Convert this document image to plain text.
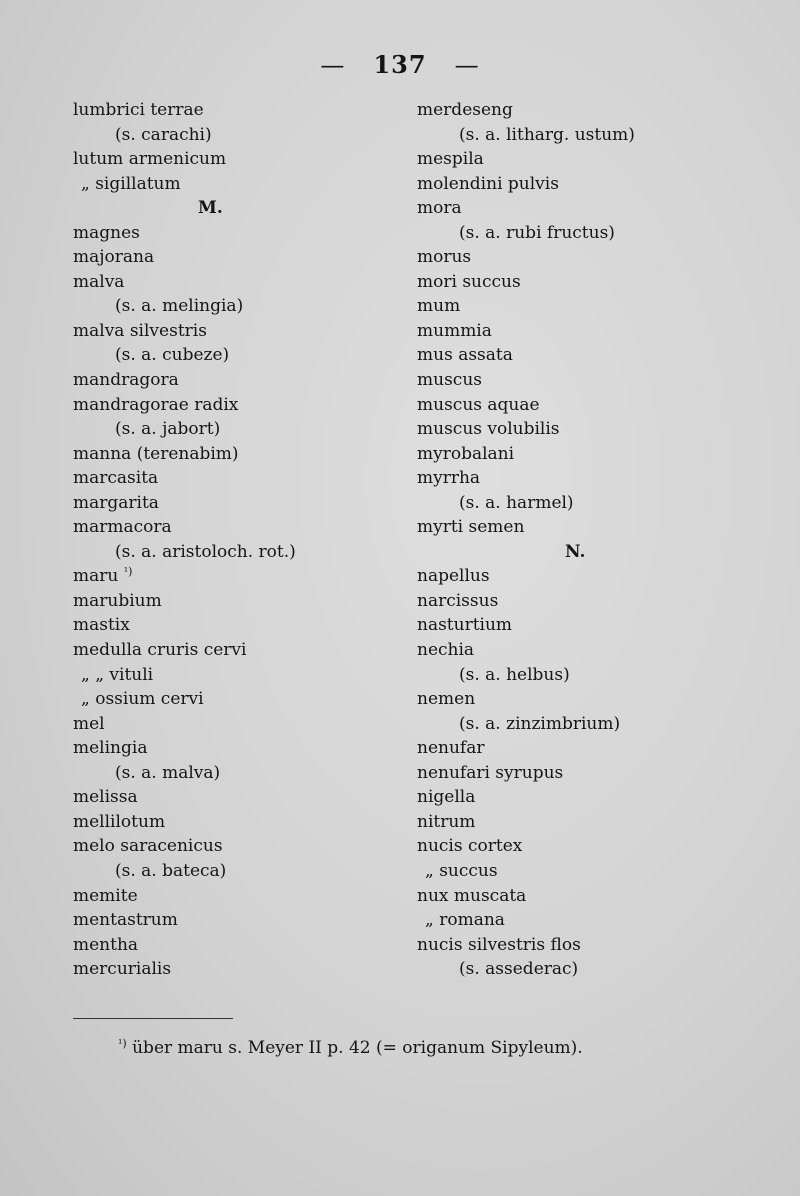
— 137 —
lumbrici terrae
(s. carachi)
lutum armenicum
„ sigillatum
M.
magnes
majorana
malva
(s. a. melingia)
malva silvestris
(s. a. cubeze)
mandragora
mandragorae radix
(s. a. jabort)
manna (terenabim)
marcasita
margarita
marmacora
(s. a. aristoloch. rot.)
maru $^{^1)}$
marubium
mastix
medulla cruris cervi
„ „ vituli
„ ossium cervi
mel
melingia
(s. a. malva)
melissa
mellilotum
melo saracenicus
(s. a. bateca)
memite
mentastrum
mentha
mercurialis
merdeseng
(s. a. litharg. ustum)
mespila
molendini pulvis
mora
(s. a. rubi fructus)
morus
mori succus
mum
mummia
mus assata
muscus
muscus aquae
muscus volubilis
myrobalani
myrrha
(s. a. harmel)
myrti semen
N.
napellus
narcissus
nasturtium
nechia
(s. a. helbus)
nemen
(s. a. zinzimbrium)
nenufar
nenufari syrupus
nigella
nitrum
nucis cortex
„ succus
nux muscata
„ romana
nucis silvestris flos
(s. assederac)
$^{^1)}$ über maru s. Meyer II p. 42 (= origanum Sipyleum).
